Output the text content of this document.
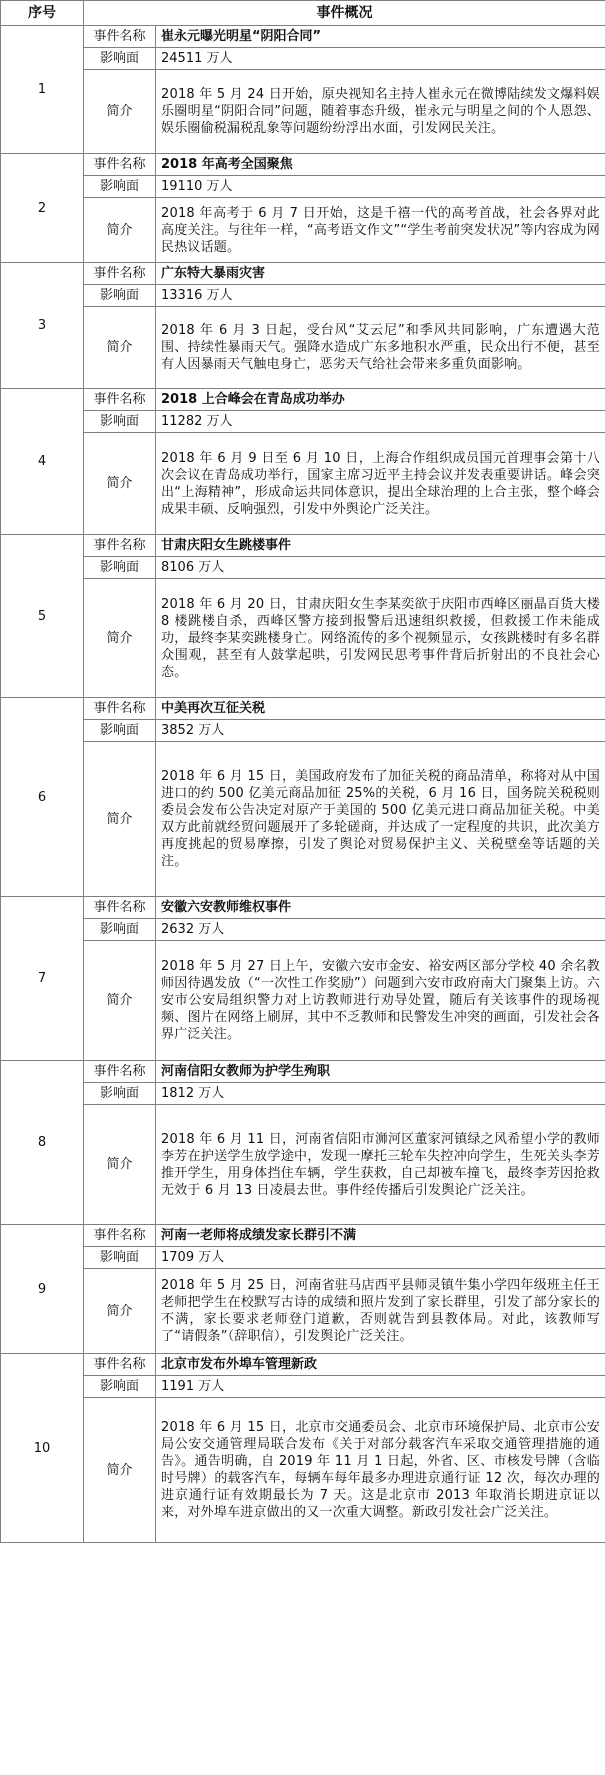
序号	事件概况	
1	事件名称	崔永元曝光明星“阴阳合同”
	影响面	24511 万人
	简介	2018 年 5 月 24 日开始，原央视知名主持人崔永元在微博陆续发文爆料娱乐圈明星“阴阳合同”问题，随着事态升级，崔永元与明星之间的个人恩怨、娱乐圈偷税漏税乱象等问题纷纷浮出水面，引发网民关注。
2	事件名称	2018 年高考全国聚焦
	影响面	19110 万人
	简介	2018 年高考于 6 月 7 日开始，这是千禧一代的高考首战，社会各界对此高度关注。与往年一样，“高考语文作文”“学生考前突发状况”等内容成为网民热议话题。
3	事件名称	广东特大暴雨灾害
	影响面	13316 万人
	简介	2018 年 6 月 3 日起，受台风“艾云尼”和季风共同影响，广东遭遇大范围、持续性暴雨天气。强降水造成广东多地积水严重，民众出行不便，甚至有人因暴雨天气触电身亡，恶劣天气给社会带来多重负面影响。
4	事件名称	2018 上合峰会在青岛成功举办
	影响面	11282 万人
	简介	2018 年 6 月 9 日至 6 月 10 日，上海合作组织成员国元首理事会第十八次会议在青岛成功举行，国家主席习近平主持会议并发表重要讲话。峰会突出“上海精神”，形成命运共同体意识，提出全球治理的上合主张，整个峰会成果丰硕、反响强烈，引发中外舆论广泛关注。
5	事件名称	甘肃庆阳女生跳楼事件
	影响面	8106 万人
	简介	2018 年 6 月 20 日，甘肃庆阳女生李某奕欲于庆阳市西峰区丽晶百货大楼 8 楼跳楼自杀，西峰区警方接到报警后迅速组织救援，但救援工作未能成功，最终李某奕跳楼身亡。网络流传的多个视频显示，女孩跳楼时有多名群众围观，甚至有人鼓掌起哄，引发网民思考事件背后折射出的不良社会心态。
6	事件名称	中美再次互征关税
	影响面	3852 万人
	简介	2018 年 6 月 15 日，美国政府发布了加征关税的商品清单，称将对从中国进口的约 500 亿美元商品加征 25%的关税，6 月 16 日，国务院关税税则委员会发布公告决定对原产于美国的 500 亿美元进口商品加征关税。中美双方此前就经贸问题展开了多轮磋商，并达成了一定程度的共识，此次美方再度挑起的贸易摩擦，引发了舆论对贸易保护主义、关税壁垒等话题的关注。
7	事件名称	安徽六安教师维权事件
	影响面	2632 万人
	简介	2018 年 5 月 27 日上午，安徽六安市金安、裕安两区部分学校 40 余名教师因待遇发放（“一次性工作奖励”）问题到六安市政府南大门聚集上访。六安市公安局组织警力对上访教师进行劝导处置，随后有关该事件的现场视频、图片在网络上刷屏，其中不乏教师和民警发生冲突的画面，引发社会各界广泛关注。
8	事件名称	河南信阳女教师为护学生殉职
	影响面	1812 万人
	简介	2018 年 6 月 11 日，河南省信阳市浉河区董家河镇绿之风希望小学的教师李芳在护送学生放学途中，发现一摩托三轮车失控冲向学生，生死关头李芳推开学生，用身体挡住车辆，学生获救，自己却被车撞飞，最终李芳因抢救无效于 6 月 13 日凌晨去世。事件经传播后引发舆论广泛关注。
9	事件名称	河南一老师将成绩发家长群引不满
	影响面	1709 万人
	简介	2018 年 5 月 25 日，河南省驻马店西平县师灵镇牛集小学四年级班主任王老师把学生在校默写古诗的成绩和照片发到了家长群里，引发了部分家长的不满，家长要求老师登门道歉，否则就告到县教体局。对此，该教师写了“请假条”（辞职信），引发舆论广泛关注。
10	事件名称	北京市发布外埠车管理新政
	影响面	1191 万人
	简介	2018 年 6 月 15 日，北京市交通委员会、北京市环境保护局、北京市公安局公安交通管理局联合发布《关于对部分载客汽车采取交通管理措施的通告》。通告明确，自 2019 年 11 月 1 日起，外省、区、市核发号牌（含临时号牌）的载客汽车，每辆车每年最多办理进京通行证 12 次，每次办理的进京通行证有效期最长为 7 天。这是北京市 2013 年取消长期进京证以来，对外埠车进京做出的又一次重大调整。新政引发社会广泛关注。
